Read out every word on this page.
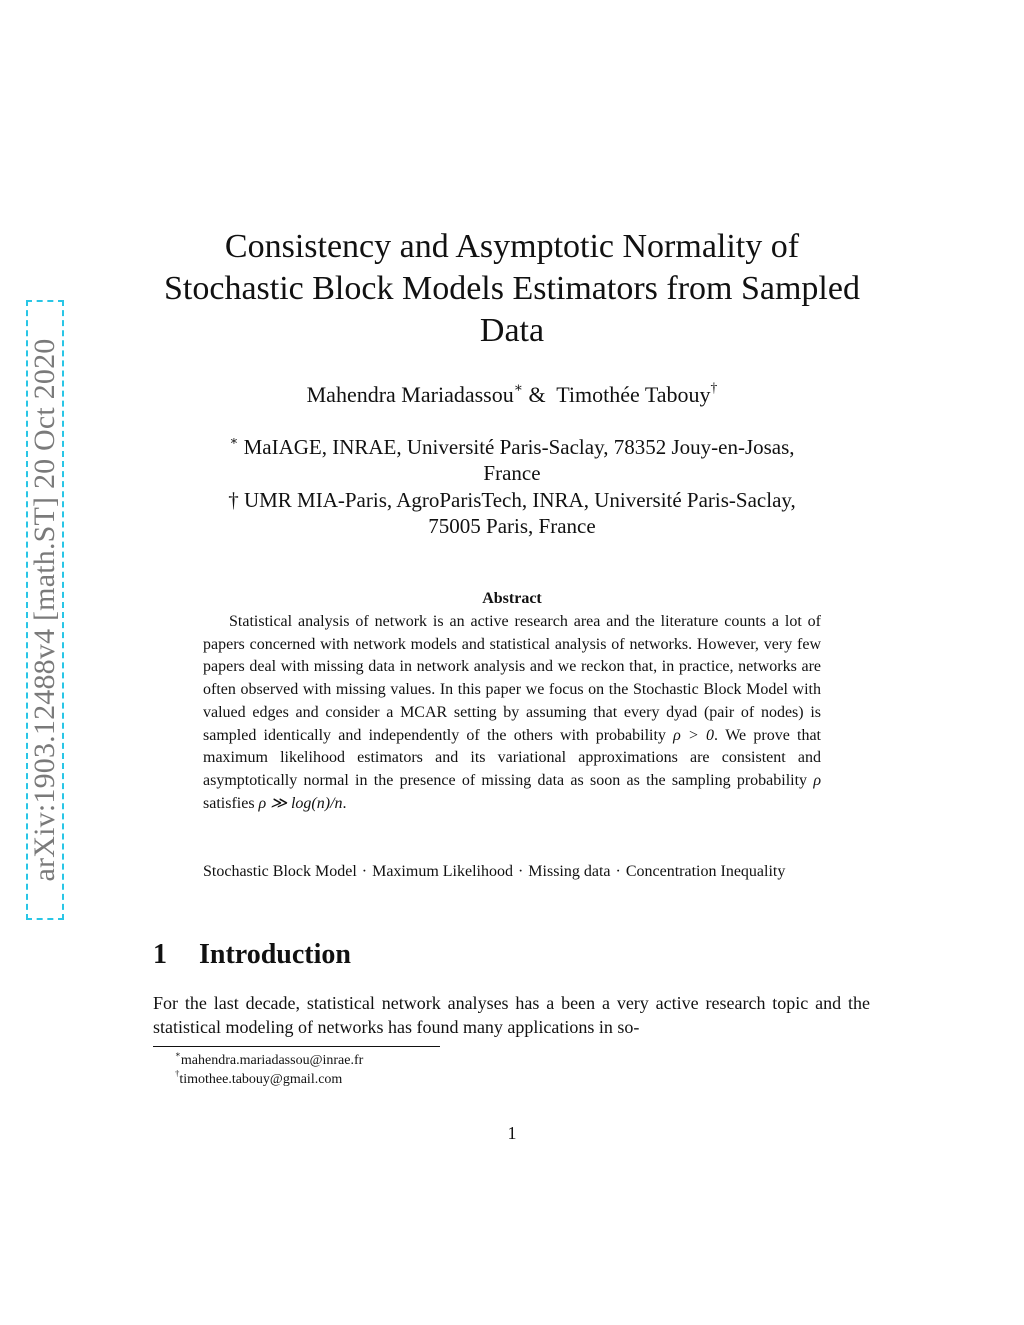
arXiv:1903.12488v4 [math.ST] 20 Oct 2020
Consistency and Asymptotic Normality of
Stochastic Block Models Estimators from Sampled
Data
Mahendra Mariadassou∗ & Timothée Tabouy†
∗ MaIAGE, INRAE, Université Paris-Saclay, 78352 Jouy-en-Josas,
France
† UMR MIA-Paris, AgroParisTech, INRA, Université Paris-Saclay,
75005 Paris, France
Abstract

Statistical analysis of network is an active research area and the literature counts a lot of papers concerned with network models and statistical analysis of networks. However, very few papers deal with missing data in network analysis and we reckon that, in practice, networks are often observed with missing values. In this paper we focus on the Stochastic Block Model with valued edges and consider a MCAR setting by assuming that every dyad (pair of nodes) is sampled identically and independently of the others with probability ρ > 0. We prove that maximum likelihood estimators and its variational approximations are consistent and asymptotically normal in the presence of missing data as soon as the sampling probability ρ satisfies ρ ≫ log(n)/n.

Stochastic Block Model · Maximum Likelihood · Missing data · Concentration Inequality
1 Introduction

For the last decade, statistical network analyses has a been a very active research topic and the statistical modeling of networks has found many applications in so-

∗mahendra.mariadassou@inrae.fr
†timothee.tabouy@gmail.com
1
